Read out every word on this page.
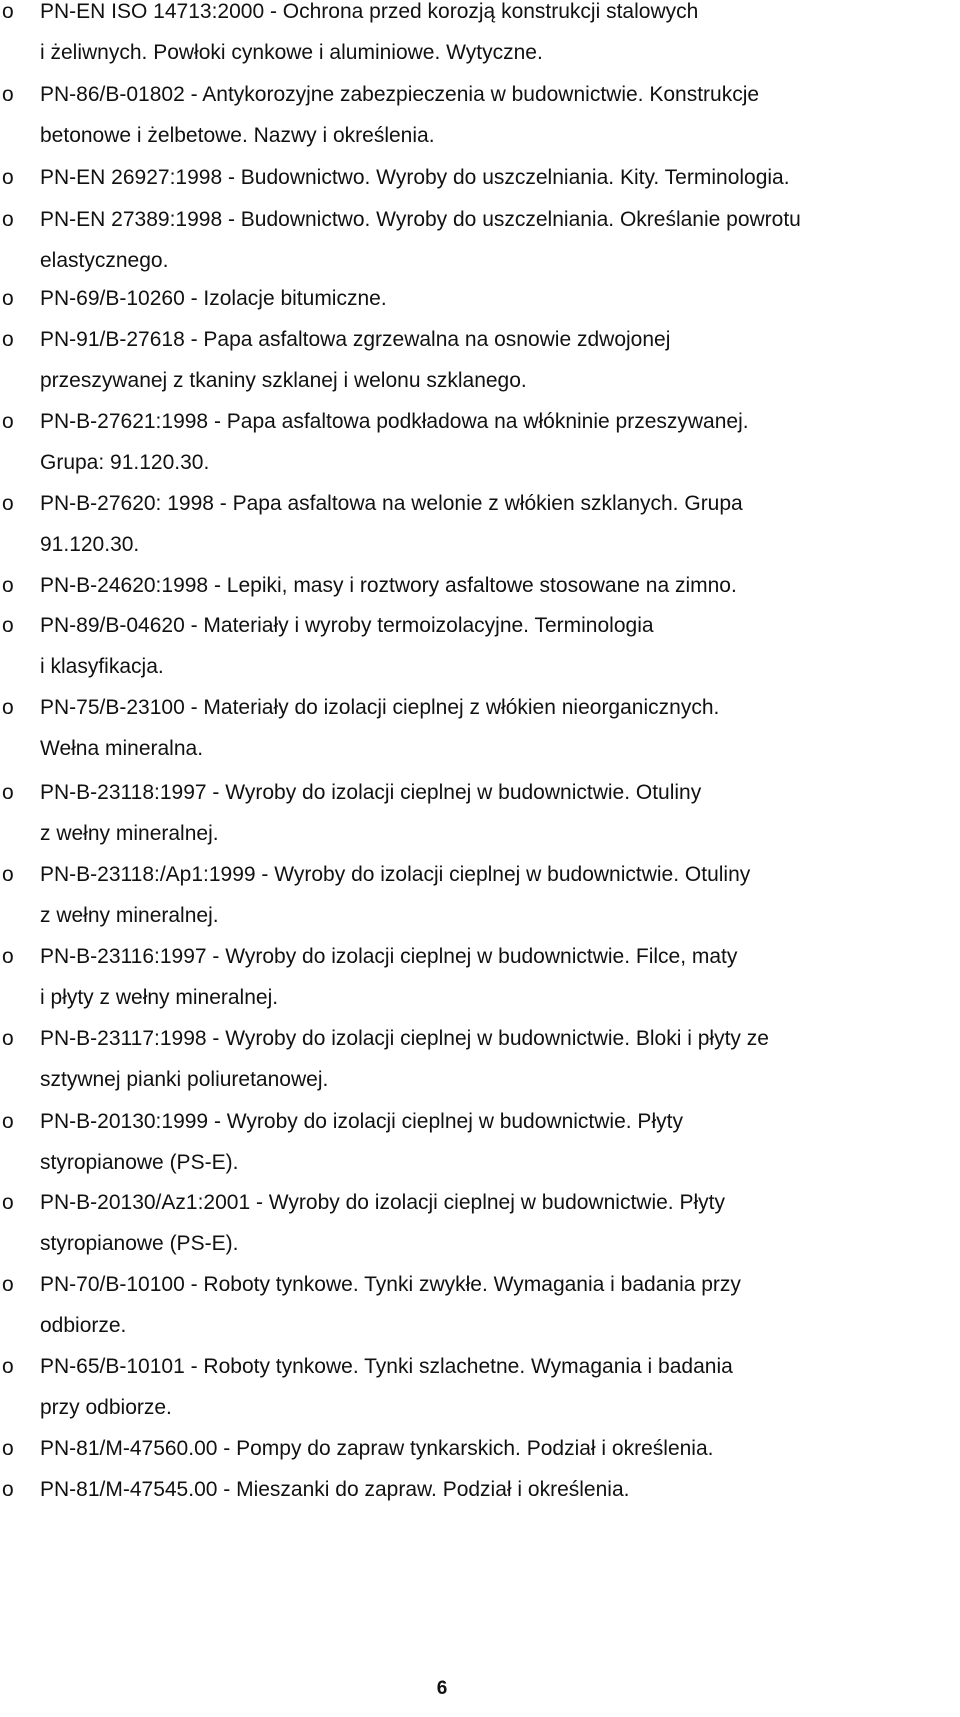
o PN-EN ISO 14713:2000 - Ochrona przed korozją konstrukcji stalowych
i żeliwnych. Powłoki cynkowe i aluminiowe. Wytyczne.
o PN-86/B-01802 - Antykorozyjne zabezpieczenia w budownictwie. Konstrukcje
betonowe i żelbetowe. Nazwy i określenia.
o PN-EN 26927:1998 - Budownictwo. Wyroby do uszczelniania. Kity. Terminologia.
o PN-EN 27389:1998 - Budownictwo. Wyroby do uszczelniania. Określanie powrotu
elastycznego.
o PN-69/B-10260 - Izolacje bitumiczne.
o PN-91/B-27618 - Papa asfaltowa zgrzewalna na osnowie zdwojonej
przeszywanej z tkaniny szklanej i welonu szklanego.
o PN-B-27621:1998 - Papa asfaltowa podkładowa na włókninie przeszywanej.
Grupa: 91.120.30.
o PN-B-27620: 1998 - Papa asfaltowa na welonie z włókien szklanych. Grupa
91.120.30.
o PN-B-24620:1998 - Lepiki, masy i roztwory asfaltowe stosowane na zimno.
o PN-89/B-04620 - Materiały i wyroby termoizolacyjne. Terminologia
i klasyfikacja.
o PN-75/B-23100 - Materiały do izolacji cieplnej z włókien nieorganicznych.
Wełna mineralna.
o PN-B-23118:1997 - Wyroby do izolacji cieplnej w budownictwie. Otuliny
z wełny mineralnej.
o PN-B-23118:/Ap1:1999 - Wyroby do izolacji cieplnej w budownictwie. Otuliny
z wełny mineralnej.
o PN-B-23116:1997 - Wyroby do izolacji cieplnej w budownictwie. Filce, maty
i płyty z wełny mineralnej.
o PN-B-23117:1998 - Wyroby do izolacji cieplnej w budownictwie. Bloki i płyty ze
sztywnej pianki poliuretanowej.
o PN-B-20130:1999 - Wyroby do izolacji cieplnej w budownictwie. Płyty
styropianowe (PS-E).
o PN-B-20130/Az1:2001 - Wyroby do izolacji cieplnej w budownictwie. Płyty
styropianowe (PS-E).
o PN-70/B-10100 - Roboty tynkowe. Tynki zwykłe. Wymagania i badania przy
odbiorze.
o PN-65/B-10101 - Roboty tynkowe. Tynki szlachetne. Wymagania i badania
przy odbiorze.
o PN-81/M-47560.00 - Pompy do zapraw tynkarskich. Podział i określenia.
o PN-81/M-47545.00 - Mieszanki do zapraw. Podział i określenia.
6
